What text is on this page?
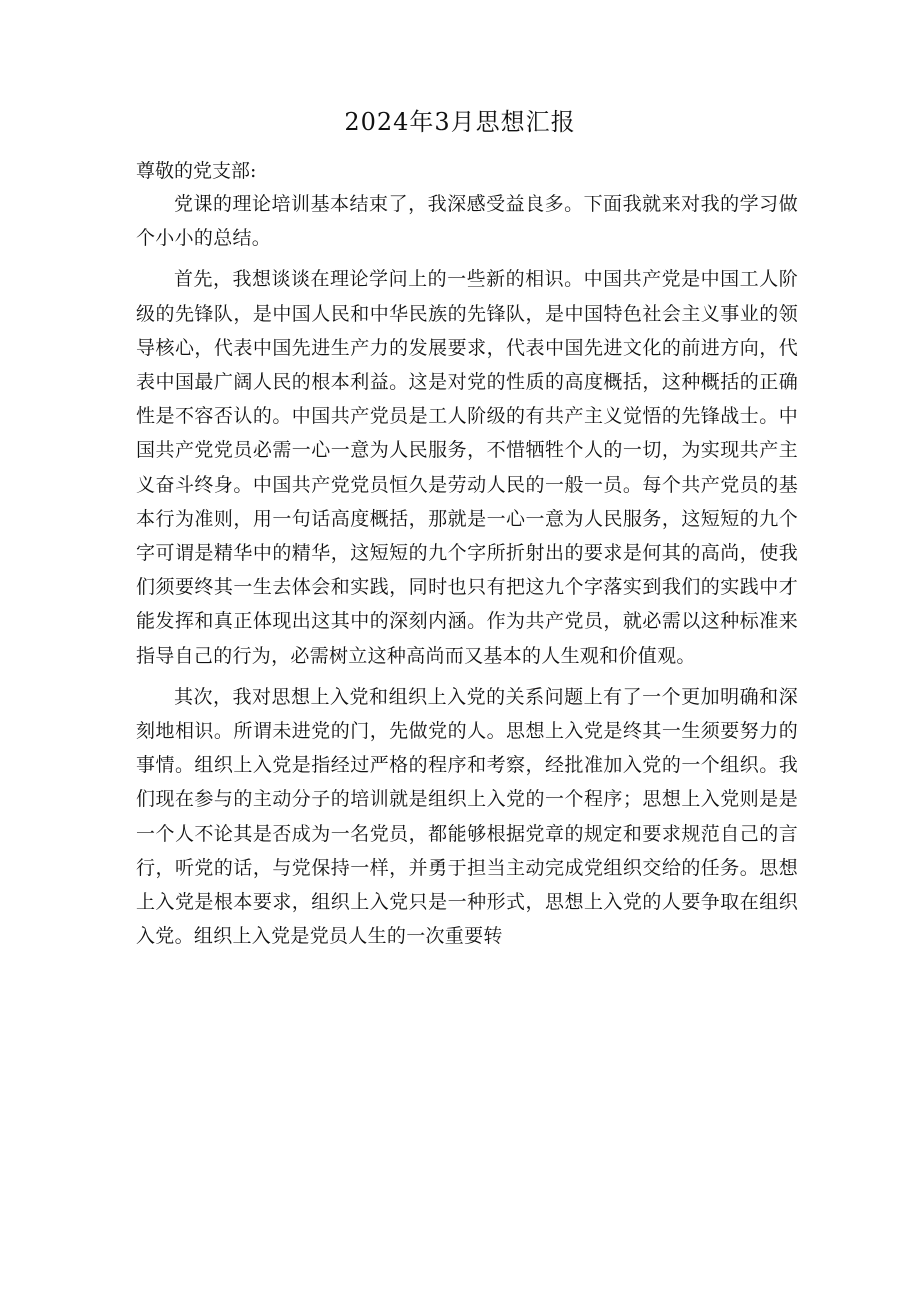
2024年3月思想汇报

尊敬的党支部:

党课的理论培训基本结束了，我深感受益良多。下面我就来对我的学习做个小小的总结。

首先，我想谈谈在理论学问上的一些新的相识。中国共产党是中国工人阶级的先锋队，是中国人民和中华民族的先锋队，是中国特色社会主义事业的领导核心，代表中国先进生产力的发展要求，代表中国先进文化的前进方向，代表中国最广阔人民的根本利益。这是对党的性质的高度概括，这种概括的正确性是不容否认的。中国共产党员是工人阶级的有共产主义觉悟的先锋战士。中国共产党党员必需一心一意为人民服务，不惜牺牲个人的一切，为实现共产主义奋斗终身。中国共产党党员恒久是劳动人民的一般一员。每个共产党员的基本行为准则，用一句话高度概括，那就是一心一意为人民服务，这短短的九个字可谓是精华中的精华，这短短的九个字所折射出的要求是何其的高尚，使我们须要终其一生去体会和实践，同时也只有把这九个字落实到我们的实践中才能发挥和真正体现出这其中的深刻内涵。作为共产党员，就必需以这种标准来指导自己的行为，必需树立这种高尚而又基本的人生观和价值观。

其次，我对思想上入党和组织上入党的关系问题上有了一个更加明确和深刻地相识。所谓未进党的门，先做党的人。思想上入党是终其一生须要努力的事情。组织上入党是指经过严格的程序和考察，经批准加入党的一个组织。我们现在参与的主动分子的培训就是组织上入党的一个程序；思想上入党则是是一个人不论其是否成为一名党员，都能够根据党章的规定和要求规范自己的言行，听党的话，与党保持一样，并勇于担当主动完成党组织交给的任务。思想上入党是根本要求，组织上入党只是一种形式，思想上入党的人要争取在组织入党。组织上入党是党员人生的一次重要转
